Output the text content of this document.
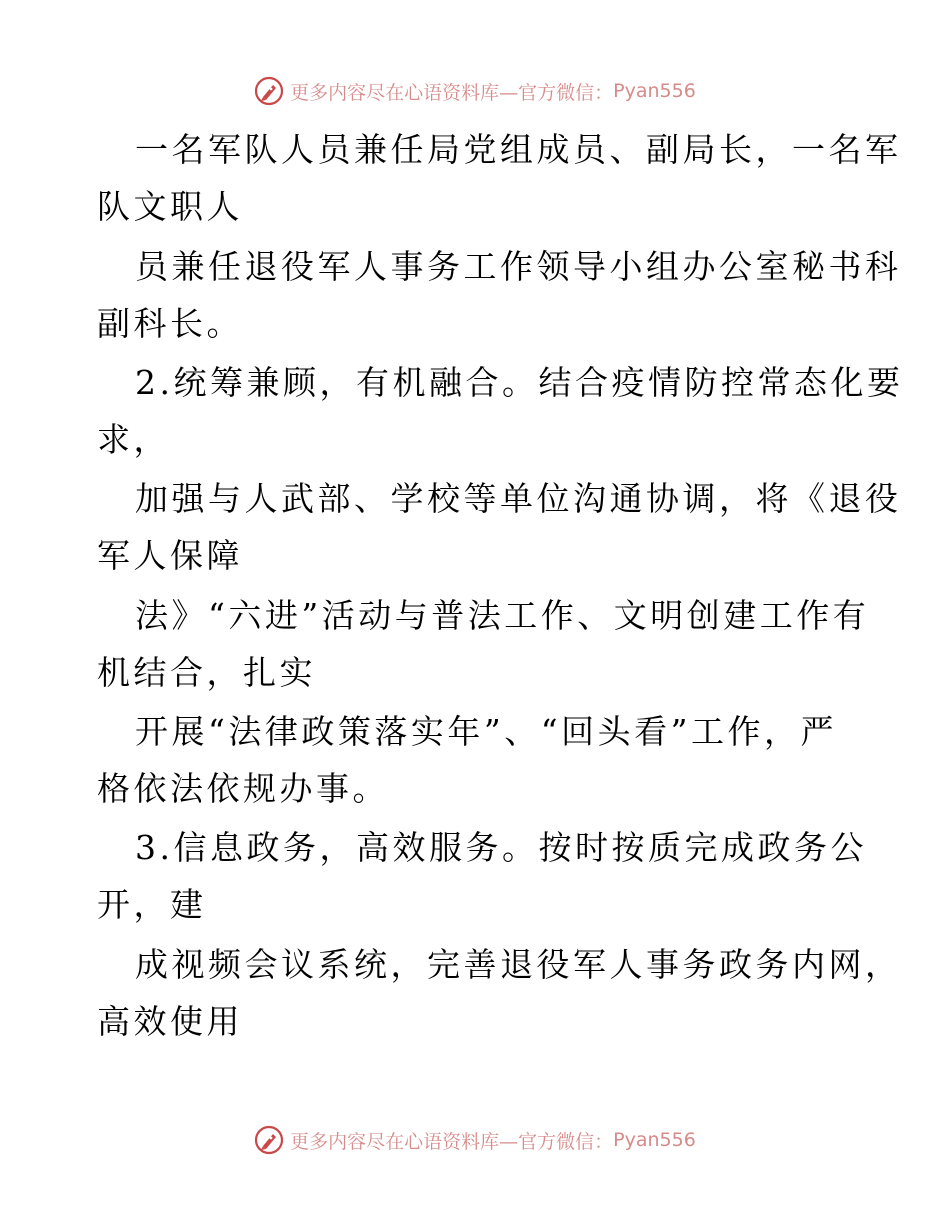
更多内容尽在心语资料库—官方微信： Pyan556
一名军队人员兼任局党组成员、副局长，一名军
队文职人
员兼任退役军人事务工作领导小组办公室秘书科
副科长。
2.统筹兼顾，有机融合。结合疫情防控常态化要
求，
加强与人武部、学校等单位沟通协调，将《退役
军人保障
法》“六进”活动与普法工作、文明创建工作有
机结合，扎实
开展“法律政策落实年”、“回头看”工作，严
格依法依规办事。
3.信息政务，高效服务。按时按质完成政务公
开，建
成视频会议系统，完善退役军人事务政务内网，
高效使用
更多内容尽在心语资料库—官方微信： Pyan556
